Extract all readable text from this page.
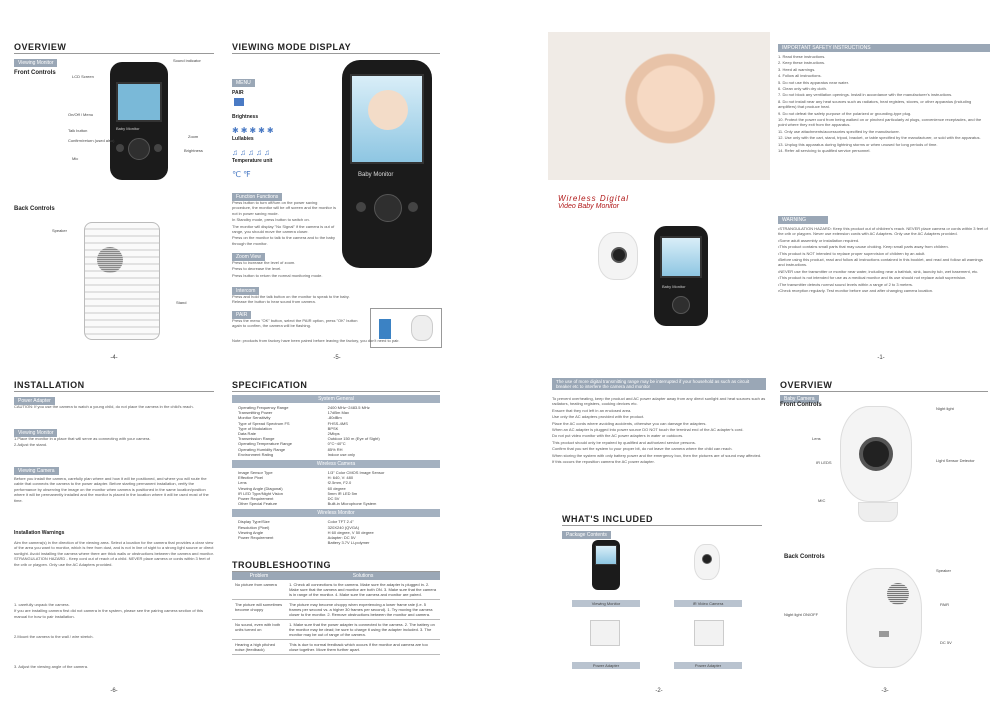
OVERVIEW
Viewing Monitor
Front Controls
Baby Monitor
Sound indicator
LCD Screen
On/Off / Menu
Talk button
Confirm/return (used also)
Mic
Zoom
Brightness
Back Controls
Speaker
Stand
-4-
VIEWING MODE DISPLAY
MENU
PAIR
Brightness
✱ ✱ ✱ ✱ ✱
Lullabies
♫ ♫ ♫ ♫ ♫
Temperature unit
℃ ℉	Baby Monitor
Function Functions

Press button to turn off/turn on the power saving procedure, the monitor will be off screen and the monitor is not in power saving mode.

In Standby mode, press button to switch on.

The monitor will display "No Signal" if the camera is out of range, you should move the camera closer.

Press on the monitor to talk to the camera and to the baby through the monitor.

Zoom View

Press to increase the level of zoom.

Press to decrease the level.

Press button to return the normal monitoring mode.

Intercom
Press and hold the talk button on the monitor to speak to the baby. Release the button to hear sound from camera.
PAIR
Press the menu "OK" button, select the PAIR option, press "OK" button again to confirm, the camera will be flashing.
Note: products from factory have been paired before leaving the factory, you don't need to pair.
-5-
Wireless Digital
Video Baby Monitor
Baby Monitor
IMPORTANT SAFETY INSTRUCTIONS

1. Read these instructions.

2. Keep these instructions.

3. Heed all warnings.

4. Follow all instructions.

5. Do not use this apparatus near water.

6. Clean only with dry cloth.

7. Do not block any ventilation openings. Install in accordance with the manufacturer's instructions.

8. Do not install near any heat sources such as radiators, heat registers, stoves, or other apparatus (including amplifiers) that produce heat.

9. Do not defeat the safety purpose of the polarized or grounding-type plug.

10. Protect the power cord from being walked on or pinched particularly at plugs, convenience receptacles, and the point where they exit from the apparatus.

11. Only use attachments/accessories specified by the manufacturer.

12. Use only with the cart, stand, tripod, bracket, or table specified by the manufacturer, or sold with the apparatus.

13. Unplug this apparatus during lightning storms or when unused for long periods of time.

14. Refer all servicing to qualified service personnel.

WARNING

•STRANGULATION HAZARD: Keep this product out of children's reach. NEVER place camera or cords within 3 feet of the crib or playpen. Never use extension cords with AC Adapters. Only use the AC Adapters provided.

•Some adult assembly or installation required.

•This product contains small parts that may cause choking. Keep small parts away from children.

•This product is NOT intended to replace proper supervision of children by an adult.

•Before using this product, read and follow all instructions contained in this booklet, and read and follow all warnings and instructions.

•NEVER use the transmitter or monitor near water, including near a bathtub, sink, laundry tub, wet basement, etc.

•This product is not intended for use as a medical monitor and its use should not replace adult supervision.

•The transmitter detects normal sound levels within a range of 2 to 3 meters.

•Check reception regularly. Test monitor before use and after changing camera location.

-1-
INSTALLATION
Power Adapter
CAUTION: If you use the camera to watch a young child, do not place the camera in the child's reach.
Viewing Monitor

1.Place the monitor in a place that will serve as connecting with your camera.

2.Adjust the stand.

Viewing Camera
Before you install the camera, carefully plan where and how it will be positioned, and where you will route the cable that connects the camera to the power adapter. Before starting permanent installation, verify the performance by observing the image on the monitor when camera is positioned in the same location/position where it will be permanently installed and the monitor is placed in the location where it will be used most of the time.
Installation Warnings
Aim the camera(s) in the direction of the viewing area. Select a location for the camera that provides a clear view of the area you want to monitor, which is free from dust, and is not in line of sight to a strong light source or direct sunlight. Avoid installing the camera where there are thick walls or obstructions between the camera and monitor. STRANGULATION HAZARD - Keep cord out of reach of a child. NEVER place camera or cords within 3 feet of the crib or playpen. Only use the AC Adapters provided.

1. carefully unpack the camera.

If you are installing camera first did not camera in the system, please see the pairing camera section of this manual for how to pair installation.

2.Mount the camera to the wall / wire stretch.
3. Adjust the viewing angle of the camera.
-6-
SPECIFICATION
System General
Operating Frequency Range	2400 MHz~2483.5 MHz
Transmitting Power	17dBm Max
Monitor Sensitivity	-80dBm
Type of Spread Spectrum FS	FHSS-4MS
Type of Modulation	BPSK
Data Rate	2Mbps
Transmission Range	Outdoor 150 m (Eye of Sight)
Operating Temperature Range	0°C~40°C
Operating Humidity Range	85% RH
Environment Rating	Indoor use only
Wireless Camera
Image Sensor Type	1/3" Color CMOS Image Sensor
Effective Pixel	H: 640, V: 480
Lens	f2.5mm, F2.0
Viewing Angle (Diagonal)	60 degree
IR LED Type/Night Vision	5mm IR LED 5m
Power Requirement	DC 5V
Other Special Feature	Built-in Microphone System
Wireless Monitor
Display Type/Size	Color TFT 2.4"
Resolution (Pixel)	320X240 (QVGA)
Viewing Angle	H 60 degree, V 50 degree
Power Requirement	Adapter: DC 5V
Battery 3.7V Li-polymer
TROUBLESHOOTING
Problem	Solutions
No picture from camera	1. Check all connections to the camera. Make sure the adapter is plugged in. 2. Make sure that the camera and monitor are both ON. 3. Make sure that the camera is in range of the monitor. 4. Make sure the camera and monitor are paired.
The picture will sometimes become choppy	The picture may become choppy when experiencing a lower frame rate (i.e. 5 frames per second vs. a higher 30 frames per second). 1. Try moving the camera closer to the monitor. 2. Remove obstructions between the monitor and camera.
No sound, even with both units turned on	1. Make sure that the power adapter is connected to the camera. 2. The battery on the monitor may be dead; be sure to charge it using the adapter included. 3. The monitor may be out of range of the camera.
Hearing a high pitched noise (feedback)	This is due to normal feedback which occurs if the monitor and camera are too close together. Move them further apart.
The use of more digital transmitting range may be interrupted if your household as such as circuit breaker etc to interfere the camera and monitor

To prevent overheating, keep the product and AC power adapter away from any direct sunlight and heat sources such as radiators, heating registers, cooking devices etc.

Ensure that they not left in an enclosed area.

Use only the AC adapters provided with the product.

Place the AC cords where avoiding accidents, otherwise you can damage the adapters.

When an AC adapter is plugged into power source DO NOT touch the terminal end of the AC adapter's cord.

Do not put video monitor with the AC power adapters in water or outdoors.

This product should only be repaired by qualified and authorized service persons.

Confirm that you set the system to your proper bit, do not leave the camera where the child can reach.

When storing the system with only battery power and the emergency box, then the pictures are of sound may affected.

If this occurs the reposition camera the AC power adapter.

WHAT'S INCLUDED
Package Contents
Viewing Monitor	IR Video Camera
Power Adapter	Power Adapter
-2-
OVERVIEW
Baby Camera
Front Controls
Night light
Lens
Light Sensor Detector
IR LEDS
MIC
Back Controls
Speaker
PAIR
Night light ON/OFF
DC 5V
-3-
